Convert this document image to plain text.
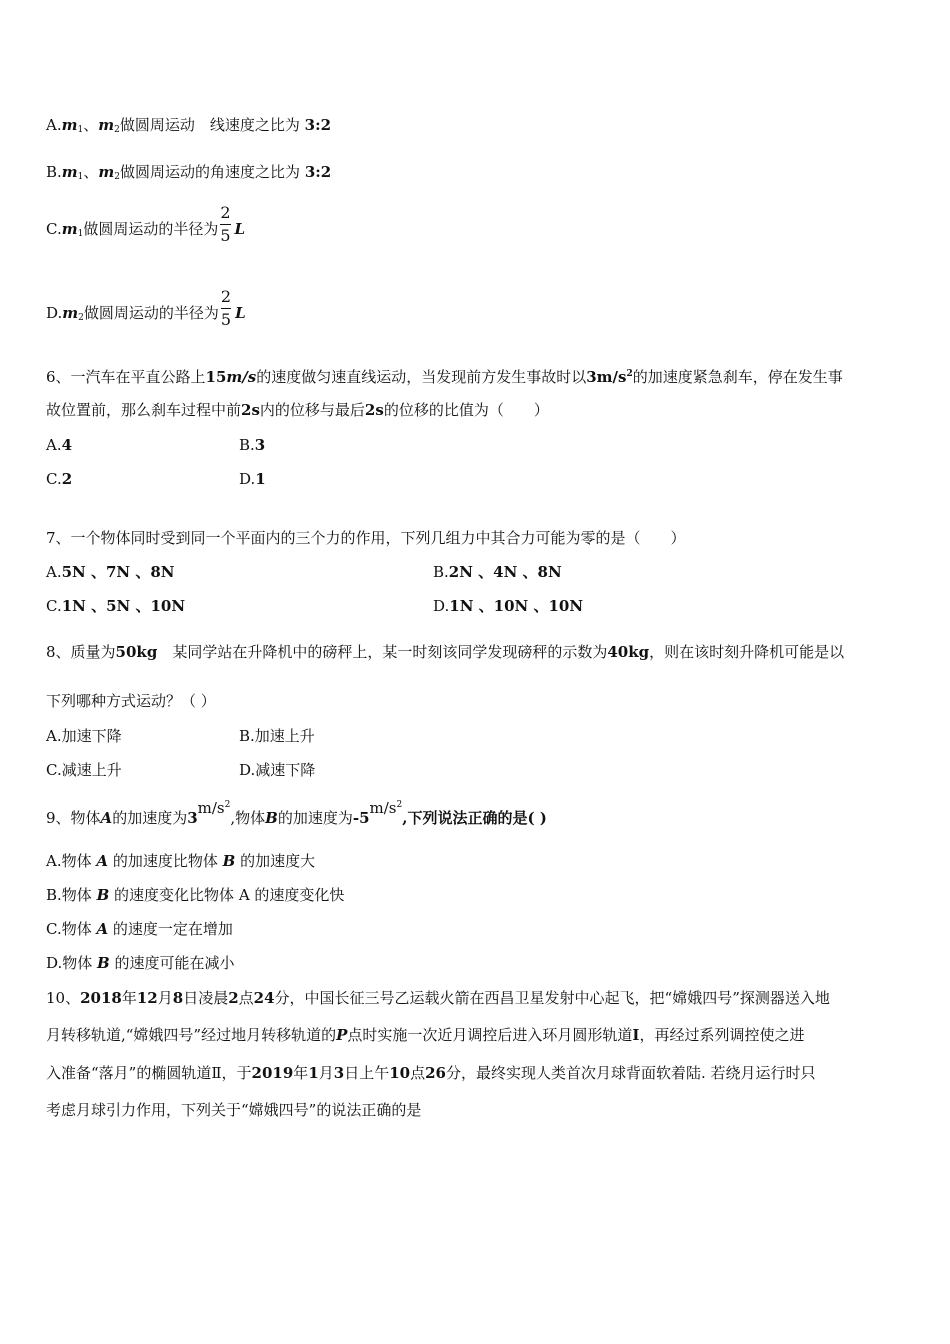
$A.m_1$、$m_2$做圆周运动　线速度之比为 3:2
$B.m_1$、$m_2$做圆周运动的角速度之比为 3:2
$C.m_1$做圆周运动的半径为 $\frac{2}{5}$ L
$D.m_2$做圆周运动的半径为 $\frac{2}{5}$ L
6、一汽车在平直公路上15m/s的速度做匀速直线运动，当发现前方发生事故时以$3m/s^2$的加速度紧急刹车，停在发生事
故位置前，那么刹车过程中前2s内的位移与最后2s的位移的比值为（　　）
A.4	B.3
C.2	D.1
7、一个物体同时受到同一个平面内的三个力的作用，下列几组力中其合力可能为零的是（　　）
A.5N 、7N 、8N	B.2N 、4N 、8N
C.1N 、5N 、10N	D.1N 、10N 、10N
8、质量为50kg　某同学站在升降机中的磅秤上，某一时刻该同学发现磅秤的示数为40kg，则在该时刻升降机可能是以
下列哪种方式运动？（ ）
A.加速下降	B.加速上升
C.减速上升	D.减速下降
9、物体A的加速度为$3m/s^2$,物体B的加速度为$-5m/s^2$,下列说法正确的是( )
A.物体 A 的加速度比物体 B 的加速度大
B.物体 B 的速度变化比物体 A 的速度变化快
C.物体 A 的速度一定在增加
D.物体 B 的速度可能在减小
10、2018年12月8日凌晨2点24分，中国长征三号乙运载火箭在西昌卫星发射中心起飞，把“嫦娥四号”探测器送入地
月转移轨道,“嫦娥四号”经过地月转移轨道的P点时实施一次近月调控后进入环月圆形轨道I，再经过系列调控使之进
入准备“落月”的椭圆轨道Ⅱ，于2019年1月3日上午10点26分，最终实现人类首次月球背面软着陆. 若绕月运行时只
考虑月球引力作用，下列关于“嫦娥四号”的说法正确的是
